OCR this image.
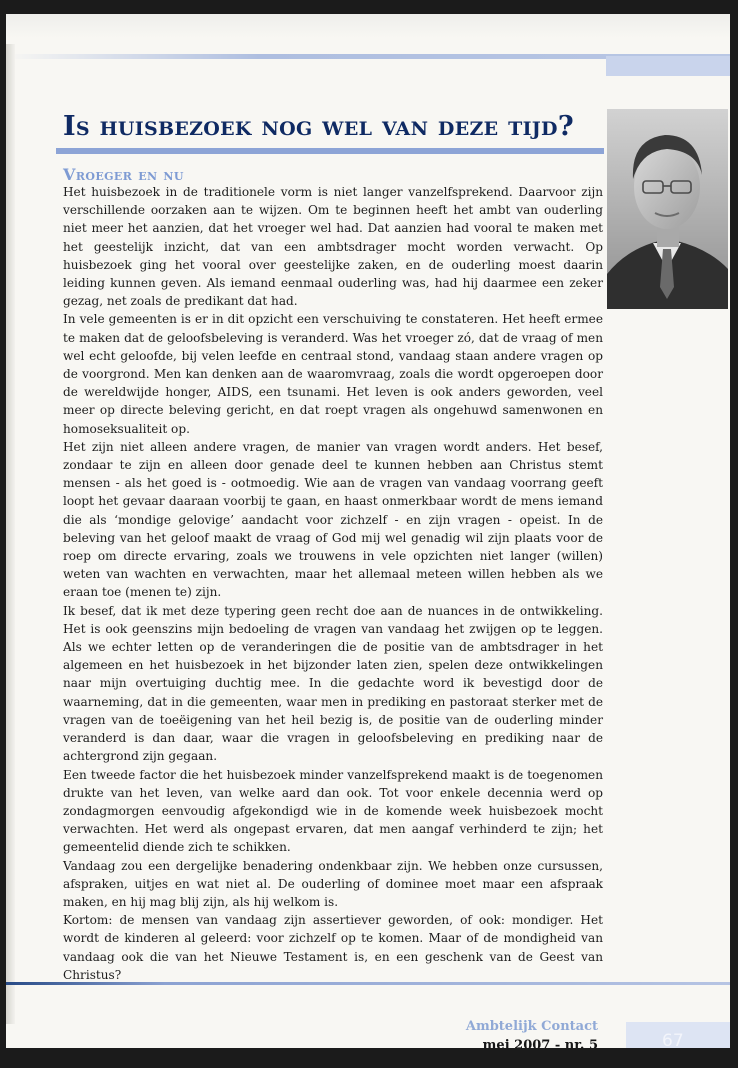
Is huisbezoek nog wel van deze tijd?
Vroeger en nu

Het huisbezoek in de traditionele vorm is niet langer vanzelfsprekend. Daarvoor zijn verschillende oorzaken aan te wijzen. Om te beginnen heeft het ambt van ouderling niet meer het aanzien, dat het vroeger wel had. Dat aanzien had vooral te maken met het geestelijk inzicht, dat van een ambtsdrager mocht worden verwacht. Op huisbezoek ging het vooral over geestelijke zaken, en de ouderling moest daarin leiding kunnen geven. Als iemand eenmaal ouderling was, had hij daarmee een zeker gezag, net zoals de predikant dat had.

In vele gemeenten is er in dit opzicht een verschuiving te constateren. Het heeft ermee te maken dat de geloofsbeleving is veranderd. Was het vroeger zó, dat de vraag of men wel echt geloofde, bij velen leefde en centraal stond, vandaag staan andere vragen op de voorgrond. Men kan denken aan de waaromvraag, zoals die wordt opgeroepen door de wereldwijde honger, AIDS, een tsunami. Het leven is ook anders geworden, veel meer op directe beleving gericht, en dat roept vragen als ongehuwd samenwonen en homoseksualiteit op.

Het zijn niet alleen andere vragen, de manier van vragen wordt anders. Het besef, zondaar te zijn en alleen door genade deel te kunnen hebben aan Christus stemt mensen - als het goed is - ootmoedig. Wie aan de vragen van vandaag voorrang geeft loopt het gevaar daaraan voorbij te gaan, en haast onmerkbaar wordt de mens iemand die als ‘mondige gelovige’ aandacht voor zichzelf - en zijn vragen - opeist. In de beleving van het geloof maakt de vraag of God mij wel genadig wil zijn plaats voor de roep om directe ervaring, zoals we trouwens in vele opzichten niet langer (willen) weten van wachten en verwachten, maar het allemaal meteen willen hebben als we eraan toe (menen te) zijn.

Ik besef, dat ik met deze typering geen recht doe aan de nuances in de ontwikkeling. Het is ook geenszins mijn bedoeling de vragen van vandaag het zwijgen op te leggen. Als we echter letten op de veranderingen die de positie van de ambtsdrager in het algemeen en het huisbezoek in het bijzonder laten zien, spelen deze ontwikkelingen naar mijn overtuiging duchtig mee. In die gedachte word ik bevestigd door de waarneming, dat in die gemeenten, waar men in prediking en pastoraat sterker met de vragen van de toeëigening van het heil bezig is, de positie van de ouderling minder veranderd is dan daar, waar die vragen in geloofsbeleving en prediking naar de achtergrond zijn gegaan.

Een tweede factor die het huisbezoek minder vanzelfsprekend maakt is de toegenomen drukte van het leven, van welke aard dan ook. Tot voor enkele decennia werd op zondagmorgen eenvoudig afgekondigd wie in de komende week huisbezoek mocht verwachten. Het werd als ongepast ervaren, dat men aangaf verhinderd te zijn; het gemeentelid diende zich te schikken.

Vandaag zou een dergelijke benadering ondenkbaar zijn. We hebben onze cursussen, afspraken, uitjes en wat niet al. De ouderling of dominee moet maar een afspraak maken, en hij mag blij zijn, als hij welkom is.

Kortom: de mensen van vandaag zijn assertiever geworden, of ook: mondiger. Het wordt de kinderen al geleerd: voor zichzelf op te komen. Maar of de mondigheid van vandaag ook die van het Nieuwe Testament is, en een geschenk van de Geest van Christus?

Ambtelijk Contact
mei 2007 - nr. 5	67
